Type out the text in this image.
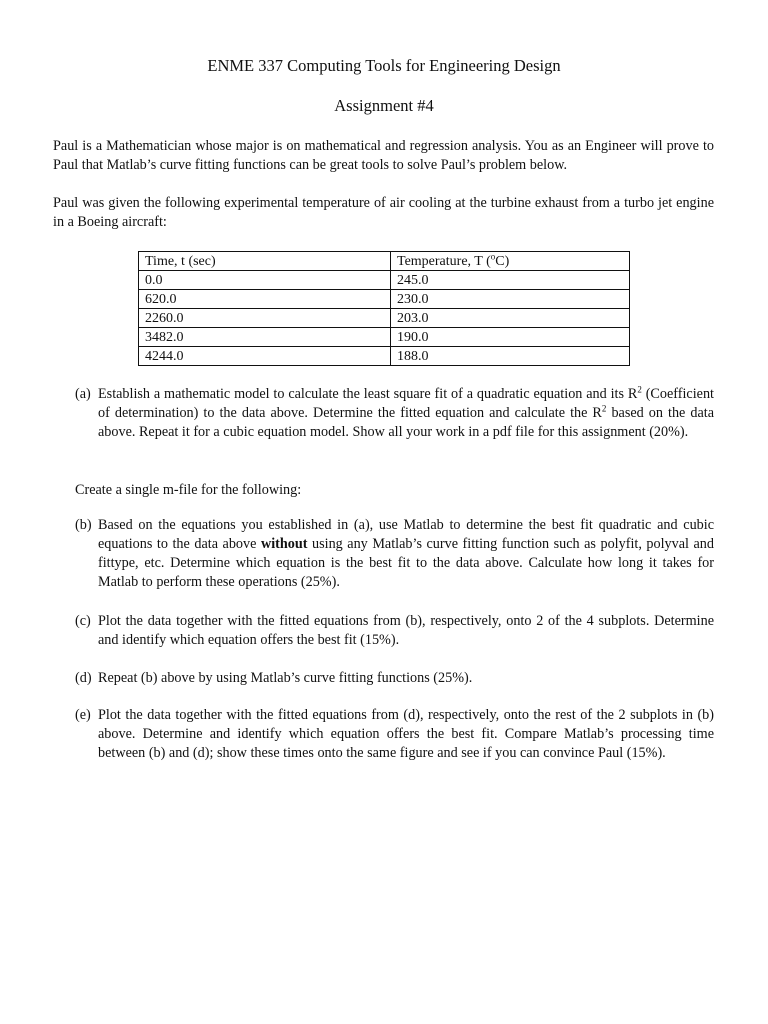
ENME 337 Computing Tools for Engineering Design
Assignment #4
Paul is a Mathematician whose major is on mathematical and regression analysis. You as an Engineer will prove to Paul that Matlab’s curve fitting functions can be great tools to solve Paul’s problem below.
Paul was given the following experimental temperature of air cooling at the turbine exhaust from a turbo jet engine in a Boeing aircraft:
Time, t (sec)	Temperature, T ($^o$C)
0.0	245.0
620.0	230.0
2260.0	203.0
3482.0	190.0
4244.0	188.0
(a) Establish a mathematic model to calculate the least square fit of a quadratic equation and its $R^2$ (Coefficient of determination) to the data above. Determine the fitted equation and calculate the $R^2$ based on the data above. Repeat it for a cubic equation model. Show all your work in a pdf file for this assignment (20%).
Create a single m-file for the following:
(b) Based on the equations you established in (a), use Matlab to determine the best fit quadratic and cubic equations to the data above without using any Matlab’s curve fitting function such as polyfit, polyval and fittype, etc. Determine which equation is the best fit to the data above. Calculate how long it takes for Matlab to perform these operations (25%).
(c) Plot the data together with the fitted equations from (b), respectively, onto 2 of the 4 subplots. Determine and identify which equation offers the best fit (15%).
(d) Repeat (b) above by using Matlab’s curve fitting functions (25%).
(e) Plot the data together with the fitted equations from (d), respectively, onto the rest of the 2 subplots in (b) above. Determine and identify which equation offers the best fit. Compare Matlab’s processing time between (b) and (d); show these times onto the same figure and see if you can convince Paul (15%).
